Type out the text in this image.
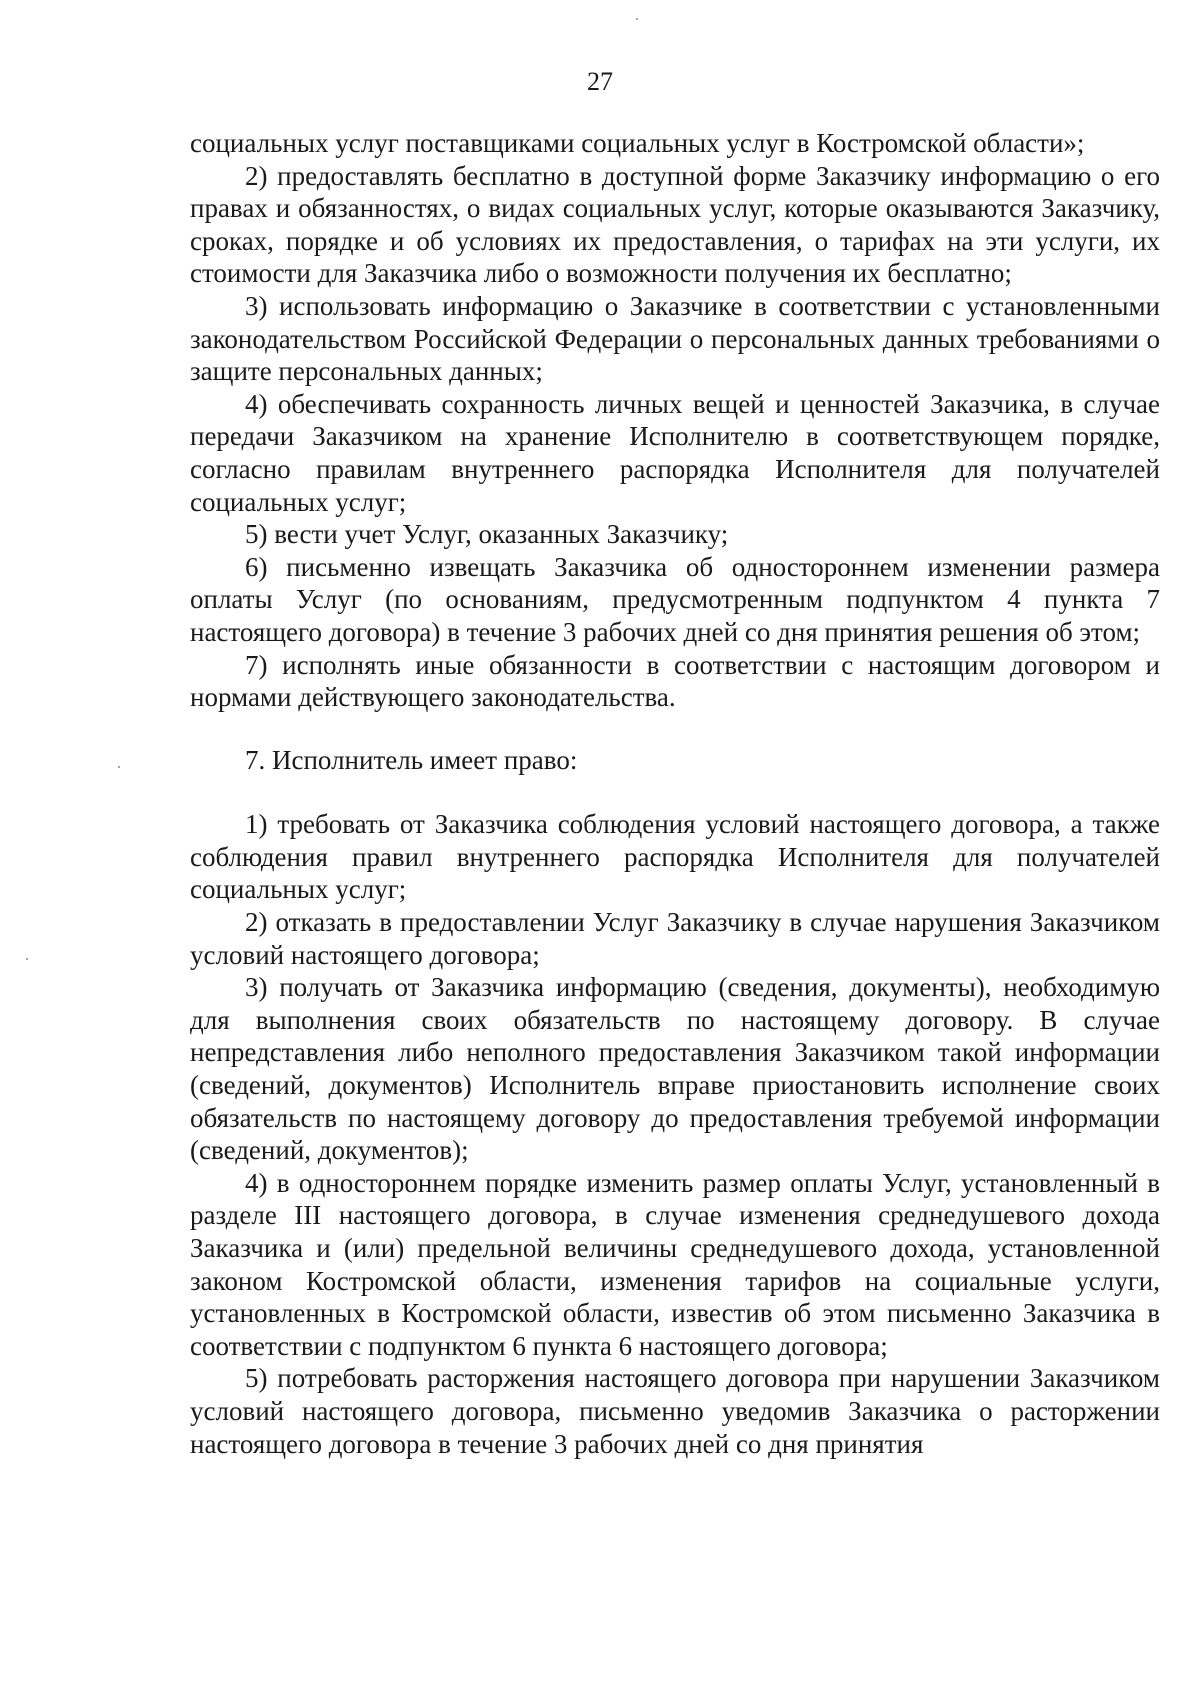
27

социальных услуг поставщиками социальных услуг в Костромской области»;

2) предоставлять бесплатно в доступной форме Заказчику информацию о его правах и обязанностях, о видах социальных услуг, которые оказываются Заказчику, сроках, порядке и об условиях их предоставления, о тарифах на эти услуги, их стоимости для Заказчика либо о возможности получения их бесплатно;

3) использовать информацию о Заказчике в соответствии с установленными законодательством Российской Федерации о персональных данных требованиями о защите персональных данных;

4) обеспечивать сохранность личных вещей и ценностей Заказчика, в случае передачи Заказчиком на хранение Исполнителю в соответствующем порядке, согласно правилам внутреннего распорядка Исполнителя для получателей социальных услуг;

5) вести учет Услуг, оказанных Заказчику;

6) письменно извещать Заказчика об одностороннем изменении размера оплаты Услуг (по основаниям, предусмотренным подпунктом 4 пункта 7 настоящего договора) в течение 3 рабочих дней со дня принятия решения об этом;

7) исполнять иные обязанности в соответствии с настоящим договором и нормами действующего законодательства.

7. Исполнитель имеет право:

1) требовать от Заказчика соблюдения условий настоящего договора, а также соблюдения правил внутреннего распорядка Исполнителя для получателей социальных услуг;

2) отказать в предоставлении Услуг Заказчику в случае нарушения Заказчиком условий настоящего договора;

3) получать от Заказчика информацию (сведения, документы), необходимую для выполнения своих обязательств по настоящему договору. В случае непредставления либо неполного предоставления Заказчиком такой информации (сведений, документов) Исполнитель вправе приостановить исполнение своих обязательств по настоящему договору до предоставления требуемой информации (сведений, документов);

4) в одностороннем порядке изменить размер оплаты Услуг, установленный в разделе III настоящего договора, в случае изменения среднедушевого дохода Заказчика и (или) предельной величины среднедушевого дохода, установленной законом Костромской области, изменения тарифов на социальные услуги, установленных в Костромской области, известив об этом письменно Заказчика в соответствии с подпунктом 6 пункта 6 настоящего договора;

5) потребовать расторжения настоящего договора при нарушении Заказчиком условий настоящего договора, письменно уведомив Заказчика о расторжении настоящего договора в течение 3 рабочих дней со дня принятия
